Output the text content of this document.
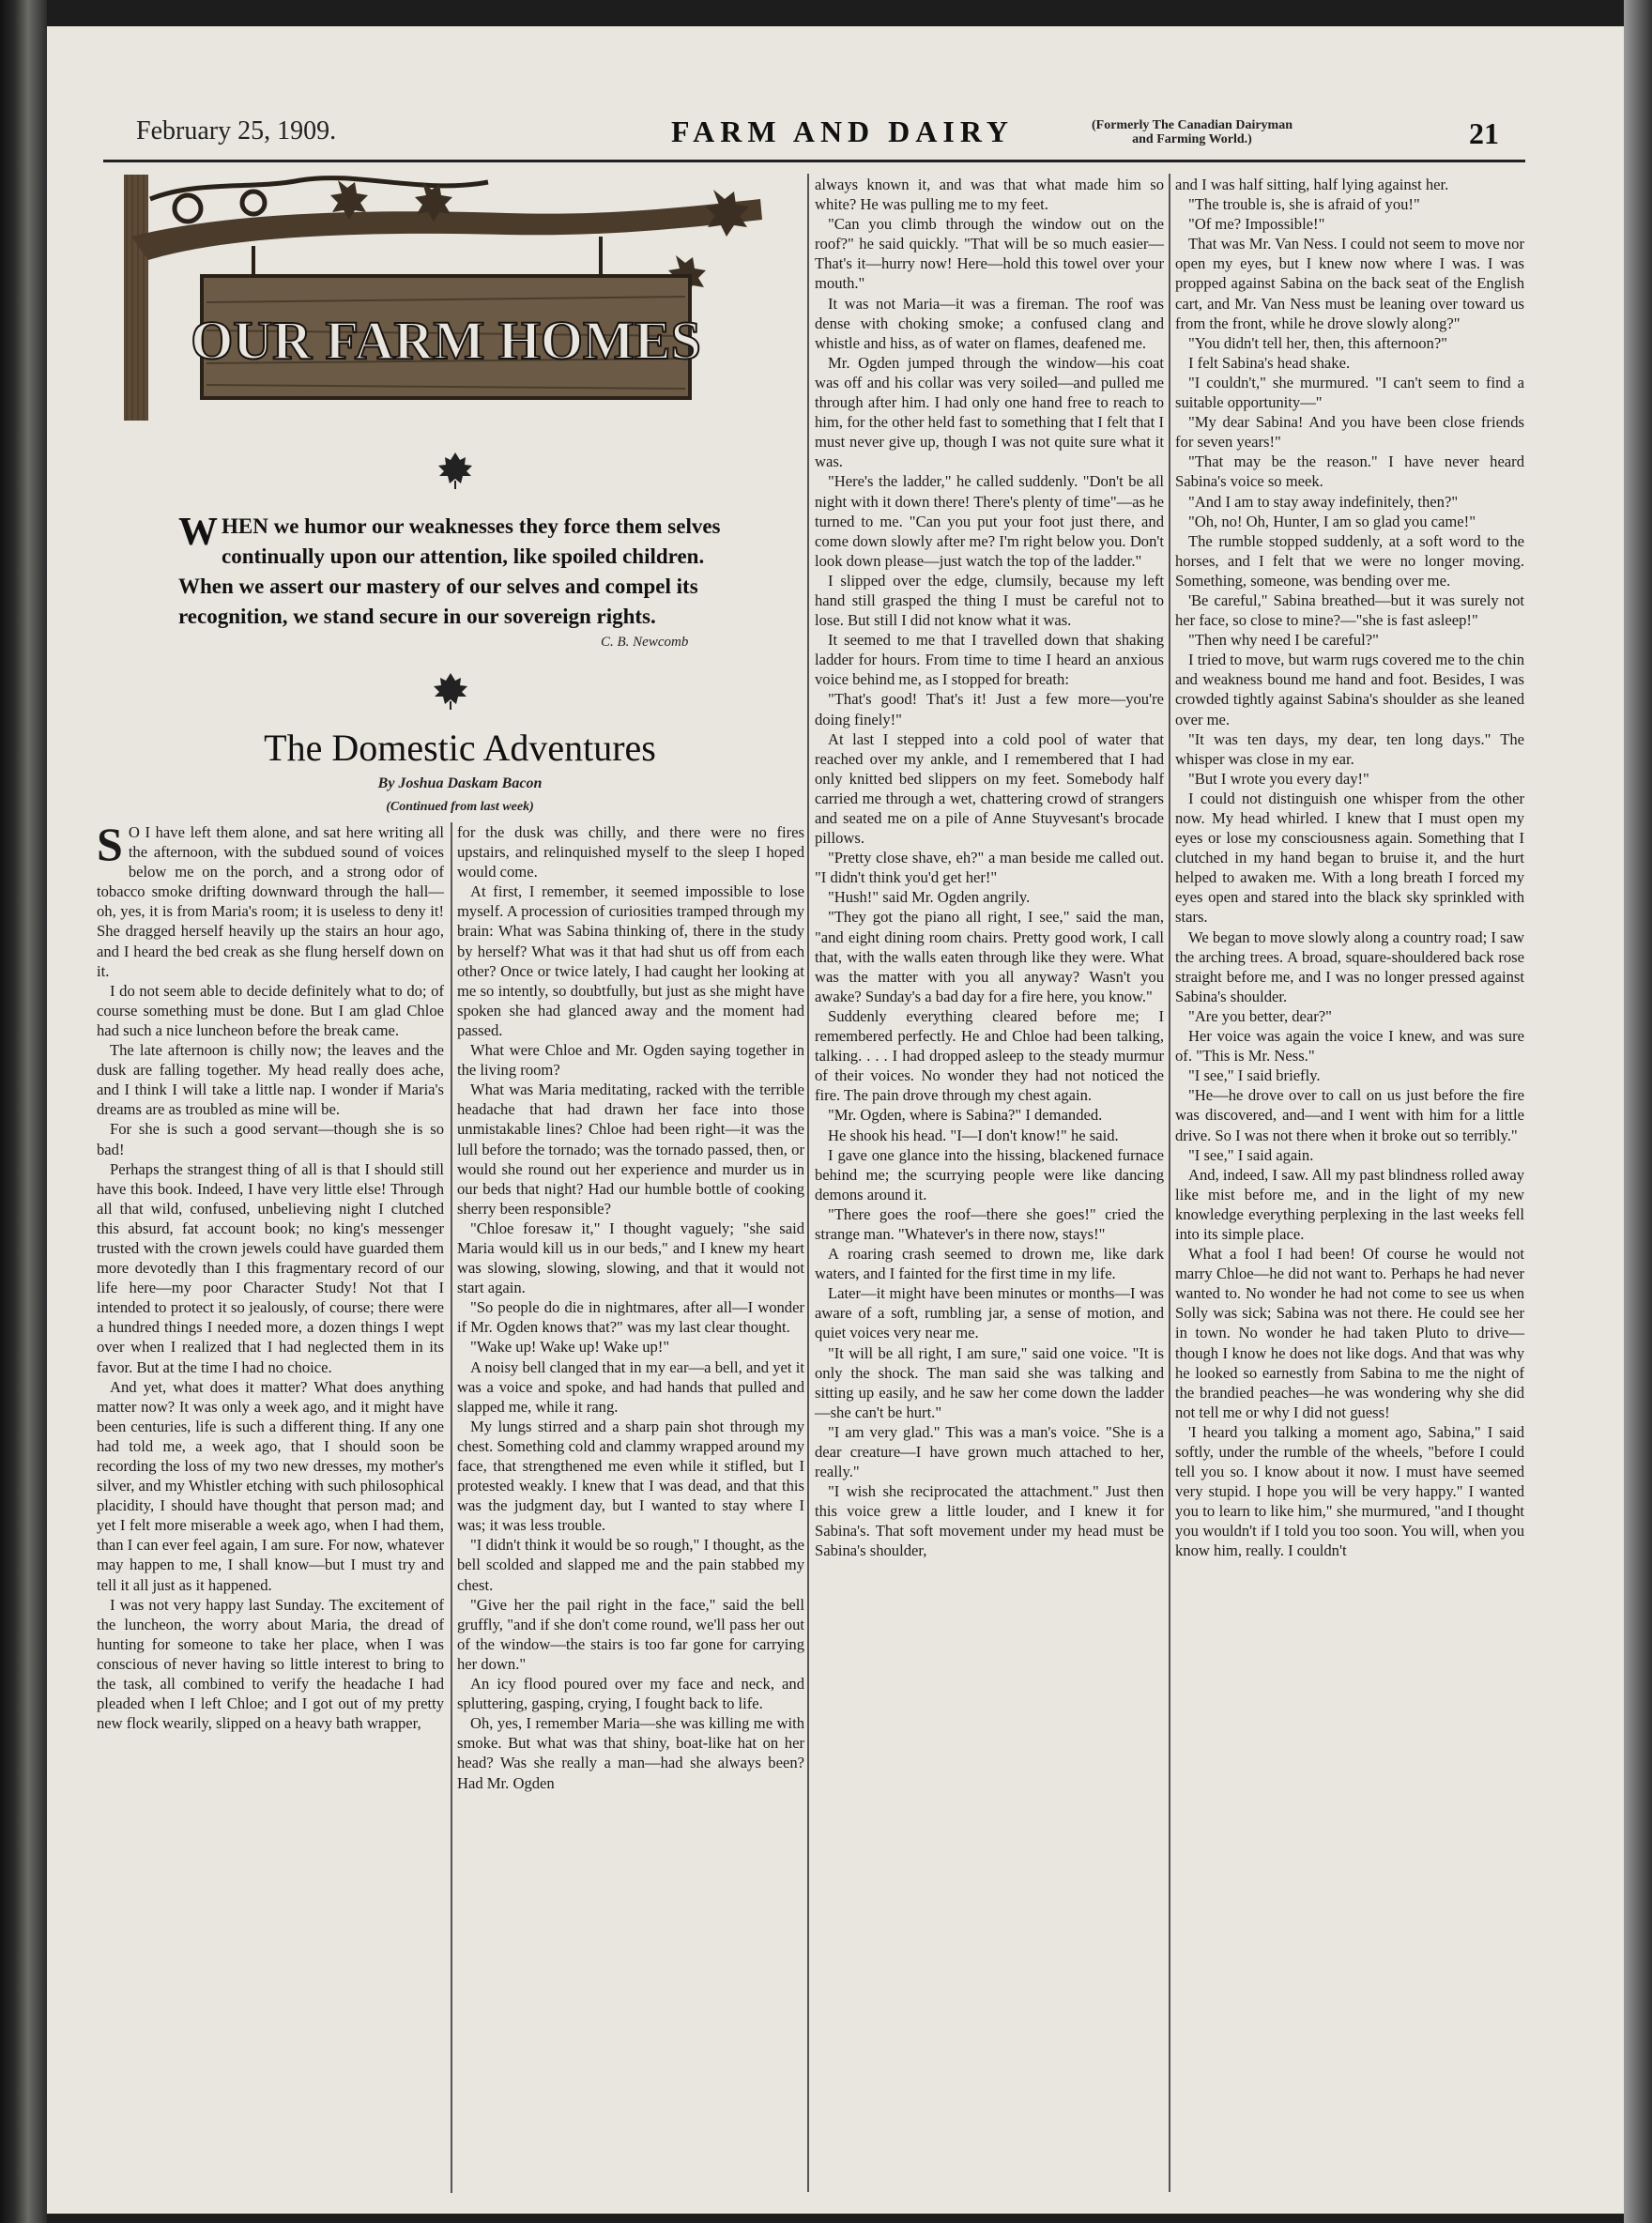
February 25, 1909.	FARM AND DAIRY	(Formerly The Canadian Dairyman
and Farming World.)	21
OUR FARM HOMES
WHEN we humor our weaknesses they force them selves continually upon our attention, like spoiled children. When we assert our mastery of our selves and compel its recognition, we stand secure in our sovereign rights.
C. B. Newcomb
The Domestic Adventures
By Joshua Daskam Bacon
(Continued from last week)

S O I have left them alone, and sat here writing all the afternoon, with the subdued sound of voices below me on the porch, and a strong odor of tobacco smoke drifting downward through the hall—oh, yes, it is from Maria's room; it is useless to deny it! She dragged herself heavily up the stairs an hour ago, and I heard the bed creak as she flung herself down on it.

I do not seem able to decide definitely what to do; of course something must be done. But I am glad Chloe had such a nice luncheon before the break came.

The late afternoon is chilly now; the leaves and the dusk are falling together. My head really does ache, and I think I will take a little nap. I wonder if Maria's dreams are as troubled as mine will be.

For she is such a good servant—though she is so bad!

Perhaps the strangest thing of all is that I should still have this book. Indeed, I have very little else! Through all that wild, confused, unbelieving night I clutched this absurd, fat account book; no king's messenger trusted with the crown jewels could have guarded them more devotedly than I this fragmentary record of our life here—my poor Character Study! Not that I intended to protect it so jealously, of course; there were a hundred things I needed more, a dozen things I wept over when I realized that I had neglected them in its favor. But at the time I had no choice.

And yet, what does it matter? What does anything matter now? It was only a week ago, and it might have been centuries, life is such a different thing. If any one had told me, a week ago, that I should soon be recording the loss of my two new dresses, my mother's silver, and my Whistler etching with such philosophical placidity, I should have thought that person mad; and yet I felt more miserable a week ago, when I had them, than I can ever feel again, I am sure. For now, whatever may happen to me, I shall know—but I must try and tell it all just as it happened.

I was not very happy last Sunday. The excitement of the luncheon, the worry about Maria, the dread of hunting for someone to take her place, when I was conscious of never having so little interest to bring to the task, all combined to verify the headache I had pleaded when I left Chloe; and I got out of my pretty new flock wearily, slipped on a heavy bath wrapper,

for the dusk was chilly, and there were no fires upstairs, and relinquished myself to the sleep I hoped would come.

At first, I remember, it seemed impossible to lose myself. A procession of curiosities tramped through my brain: What was Sabina thinking of, there in the study by herself? What was it that had shut us off from each other? Once or twice lately, I had caught her looking at me so intently, so doubtfully, but just as she might have spoken she had glanced away and the moment had passed.

What were Chloe and Mr. Ogden saying together in the living room?

What was Maria meditating, racked with the terrible headache that had drawn her face into those unmistakable lines? Chloe had been right—it was the lull before the tornado; was the tornado passed, then, or would she round out her experience and murder us in our beds that night? Had our humble bottle of cooking sherry been responsible?

"Chloe foresaw it," I thought vaguely; "she said Maria would kill us in our beds," and I knew my heart was slowing, slowing, slowing, and that it would not start again.

"So people do die in nightmares, after all—I wonder if Mr. Ogden knows that?" was my last clear thought.

"Wake up! Wake up! Wake up!"

A noisy bell clanged that in my ear—a bell, and yet it was a voice and spoke, and had hands that pulled and slapped me, while it rang.

My lungs stirred and a sharp pain shot through my chest. Something cold and clammy wrapped around my face, that strengthened me even while it stifled, but I protested weakly. I knew that I was dead, and that this was the judgment day, but I wanted to stay where I was; it was less trouble.

"I didn't think it would be so rough," I thought, as the bell scolded and slapped me and the pain stabbed my chest.

"Give her the pail right in the face," said the bell gruffly, "and if she don't come round, we'll pass her out of the window—the stairs is too far gone for carrying her down."

An icy flood poured over my face and neck, and spluttering, gasping, crying, I fought back to life.

Oh, yes, I remember Maria—she was killing me with smoke. But what was that shiny, boat-like hat on her head? Was she really a man—had she always been? Had Mr. Ogden

always known it, and was that what made him so white? He was pulling me to my feet.

"Can you climb through the window out on the roof?" he said quickly. "That will be so much easier—That's it—hurry now! Here—hold this towel over your mouth."

It was not Maria—it was a fireman. The roof was dense with choking smoke; a confused clang and whistle and hiss, as of water on flames, deafened me.

Mr. Ogden jumped through the window—his coat was off and his collar was very soiled—and pulled me through after him. I had only one hand free to reach to him, for the other held fast to something that I felt that I must never give up, though I was not quite sure what it was.

"Here's the ladder," he called suddenly. "Don't be all night with it down there! There's plenty of time"—as he turned to me. "Can you put your foot just there, and come down slowly after me? I'm right below you. Don't look down please—just watch the top of the ladder."

I slipped over the edge, clumsily, because my left hand still grasped the thing I must be careful not to lose. But still I did not know what it was.

It seemed to me that I travelled down that shaking ladder for hours. From time to time I heard an anxious voice behind me, as I stopped for breath:

"That's good! That's it! Just a few more—you're doing finely!"

At last I stepped into a cold pool of water that reached over my ankle, and I remembered that I had only knitted bed slippers on my feet. Somebody half carried me through a wet, chattering crowd of strangers and seated me on a pile of Anne Stuyvesant's brocade pillows.

"Pretty close shave, eh?" a man beside me called out. "I didn't think you'd get her!"

"Hush!" said Mr. Ogden angrily.

"They got the piano all right, I see," said the man, "and eight dining room chairs. Pretty good work, I call that, with the walls eaten through like they were. What was the matter with you all anyway? Wasn't you awake? Sunday's a bad day for a fire here, you know."

Suddenly everything cleared before me; I remembered perfectly. He and Chloe had been talking, talking. . . . I had dropped asleep to the steady murmur of their voices. No wonder they had not noticed the fire. The pain drove through my chest again.

"Mr. Ogden, where is Sabina?" I demanded.

He shook his head. "I—I don't know!" he said.

I gave one glance into the hissing, blackened furnace behind me; the scurrying people were like dancing demons around it.

"There goes the roof—there she goes!" cried the strange man. "Whatever's in there now, stays!"

A roaring crash seemed to drown me, like dark waters, and I fainted for the first time in my life.

Later—it might have been minutes or months—I was aware of a soft, rumbling jar, a sense of motion, and quiet voices very near me.

"It will be all right, I am sure," said one voice. "It is only the shock. The man said she was talking and sitting up easily, and he saw her come down the ladder—she can't be hurt."

"I am very glad." This was a man's voice. "She is a dear creature—I have grown much attached to her, really."

"I wish she reciprocated the attachment." Just then this voice grew a little louder, and I knew it for Sabina's. That soft movement under my head must be Sabina's shoulder,

and I was half sitting, half lying against her.

"The trouble is, she is afraid of you!"

"Of me? Impossible!"

That was Mr. Van Ness. I could not seem to move nor open my eyes, but I knew now where I was. I was propped against Sabina on the back seat of the English cart, and Mr. Van Ness must be leaning over toward us from the front, while he drove slowly along?"

"You didn't tell her, then, this afternoon?"

I felt Sabina's head shake.

"I couldn't," she murmured. "I can't seem to find a suitable opportunity—"

"My dear Sabina! And you have been close friends for seven years!"

"That may be the reason." I have never heard Sabina's voice so meek.

"And I am to stay away indefinitely, then?"

"Oh, no! Oh, Hunter, I am so glad you came!"

The rumble stopped suddenly, at a soft word to the horses, and I felt that we were no longer moving. Something, someone, was bending over me.

'Be careful," Sabina breathed—but it was surely not her face, so close to mine?—"she is fast asleep!"

"Then why need I be careful?"

I tried to move, but warm rugs covered me to the chin and weakness bound me hand and foot. Besides, I was crowded tightly against Sabina's shoulder as she leaned over me.

"It was ten days, my dear, ten long days." The whisper was close in my ear.

"But I wrote you every day!"

I could not distinguish one whisper from the other now. My head whirled. I knew that I must open my eyes or lose my consciousness again. Something that I clutched in my hand began to bruise it, and the hurt helped to awaken me. With a long breath I forced my eyes open and stared into the black sky sprinkled with stars.

We began to move slowly along a country road; I saw the arching trees. A broad, square-shouldered back rose straight before me, and I was no longer pressed against Sabina's shoulder.

"Are you better, dear?"

Her voice was again the voice I knew, and was sure of. "This is Mr. Ness."

"I see," I said briefly.

"He—he drove over to call on us just before the fire was discovered, and—and I went with him for a little drive. So I was not there when it broke out so terribly."

"I see," I said again.

And, indeed, I saw. All my past blindness rolled away like mist before me, and in the light of my new knowledge everything perplexing in the last weeks fell into its simple place.

What a fool I had been! Of course he would not marry Chloe—he did not want to. Perhaps he had never wanted to. No wonder he had not come to see us when Solly was sick; Sabina was not there. He could see her in town. No wonder he had taken Pluto to drive—though I know he does not like dogs. And that was why he looked so earnestly from Sabina to me the night of the brandied peaches—he was wondering why she did not tell me or why I did not guess!

'I heard you talking a moment ago, Sabina," I said softly, under the rumble of the wheels, "before I could tell you so. I know about it now. I must have seemed very stupid. I hope you will be very happy." I wanted you to learn to like him," she murmured, "and I thought you wouldn't if I told you too soon. You will, when you know him, really. I couldn't
